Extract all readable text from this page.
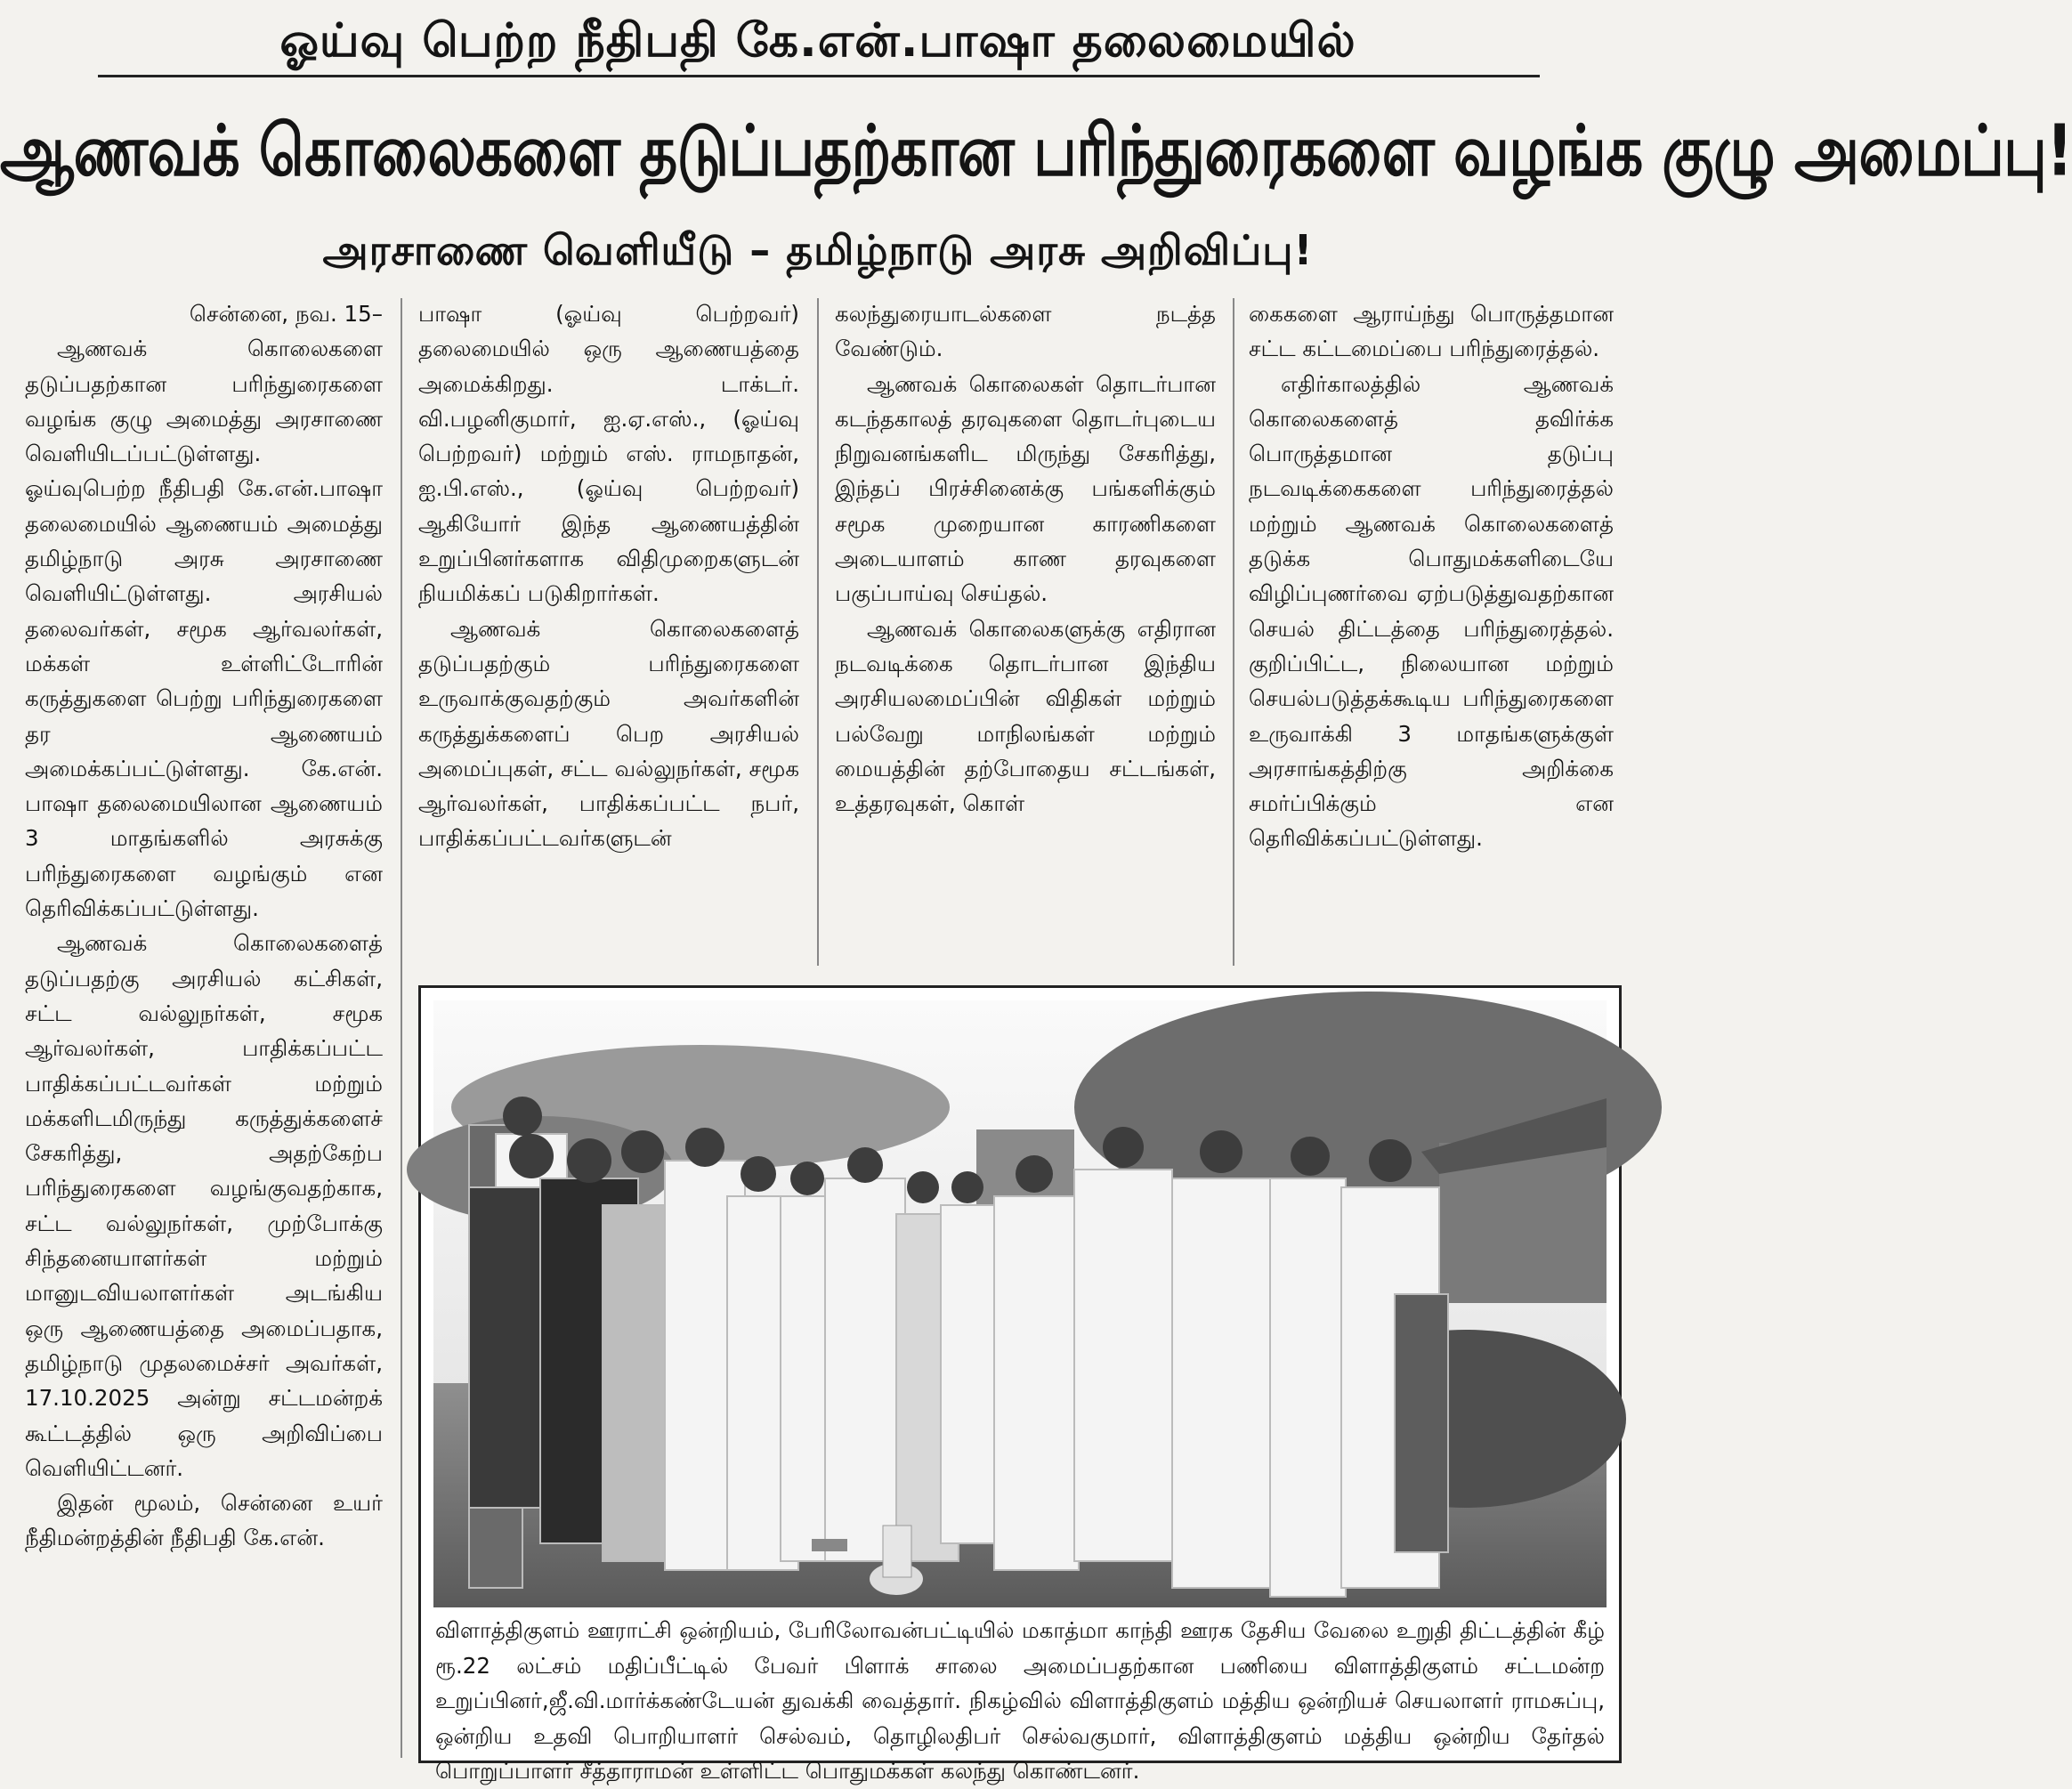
ஓய்வு பெற்ற நீதிபதி கே.என்.பாஷா தலைமையில்
ஆணவக் கொலைகளை தடுப்பதற்கான பரிந்துரைகளை வழங்க குழு அமைப்பு!
அரசாணை வெளியீடு – தமிழ்நாடு அரசு அறிவிப்பு!

சென்னை, நவ. 15–

ஆணவக் கொலைகளை தடுப்பதற்கான பரிந்துரைகளை வழங்க குழு அமைத்து அரசாணை வெளியிடப்பட்டுள்ளது. ஓய்வுபெற்ற நீதிபதி கே.என்.பாஷா தலைமையில் ஆணையம் அமைத்து தமிழ்நாடு அரசு அரசாணை வெளியிட்டுள்ளது. அரசியல் தலைவர்கள், சமூக ஆர்வலர்கள், மக்கள் உள்ளிட்டோரின் கருத்துகளை பெற்று பரிந்துரைகளை தர ஆணையம் அமைக்கப்பட்டுள்ளது. கே.என். பாஷா தலைமையிலான ஆணையம் 3 மாதங்களில் அரசுக்கு பரிந்துரைகளை வழங்கும் என தெரிவிக்கப்பட்டுள்ளது.

ஆணவக் கொலைகளைத் தடுப்பதற்கு அரசியல் கட்சிகள், சட்ட வல்லுநர்கள், சமூக ஆர்வலர்கள், பாதிக்கப்பட்ட பாதிக்கப்பட்டவர்கள் மற்றும் மக்களிடமிருந்து கருத்துக்களைச் சேகரித்து, அதற்கேற்ப பரிந்துரைகளை வழங்குவதற்காக, சட்ட வல்லுநர்கள், முற்போக்கு சிந்தனையாளர்கள் மற்றும் மானுடவியலாளர்கள் அடங்கிய ஒரு ஆணையத்தை அமைப்பதாக, தமிழ்நாடு முதலமைச்சர் அவர்கள், 17.10.2025 அன்று சட்டமன்றக் கூட்டத்தில் ஒரு அறிவிப்பை வெளியிட்டனர்.

இதன் மூலம், சென்னை உயர் நீதிமன்றத்தின் நீதிபதி கே.என்.

பாஷா (ஓய்வு பெற்றவர்) தலைமையில் ஒரு ஆணையத்தை அமைக்கிறது. டாக்டர். வி.பழனிகுமார், ஐ.ஏ.எஸ்., (ஓய்வு பெற்றவர்) மற்றும் எஸ். ராமநாதன், ஐ.பி.எஸ்., (ஓய்வு பெற்றவர்) ஆகியோர் இந்த ஆணையத்தின் உறுப்பினர்களாக விதிமுறைகளுடன் நியமிக்கப் படுகிறார்கள்.

ஆணவக் கொலைகளைத் தடுப்பதற்கும் பரிந்துரைகளை உருவாக்குவதற்கும் அவர்களின் கருத்துக்களைப் பெற அரசியல் அமைப்புகள், சட்ட வல்லுநர்கள், சமூக ஆர்வலர்கள், பாதிக்கப்பட்ட நபர், பாதிக்கப்பட்டவர்களுடன்

கலந்துரையாடல்களை நடத்த வேண்டும்.

ஆணவக் கொலைகள் தொடர்பான கடந்தகாலத் தரவுகளை தொடர்புடைய நிறுவனங்களிட மிருந்து சேகரித்து, இந்தப் பிரச்சினைக்கு பங்களிக்கும் சமூக முறையான காரணிகளை அடையாளம் காண தரவுகளை பகுப்பாய்வு செய்தல்.

ஆணவக் கொலைகளுக்கு எதிரான நடவடிக்கை தொடர்பான இந்திய அரசியலமைப்பின் விதிகள் மற்றும் பல்வேறு மாநிலங்கள் மற்றும் மையத்தின் தற்போதைய சட்டங்கள், உத்தரவுகள், கொள்

கைகளை ஆராய்ந்து பொருத்தமான சட்ட கட்டமைப்பை பரிந்துரைத்தல்.

எதிர்காலத்தில் ஆணவக் கொலைகளைத் தவிர்க்க பொருத்தமான தடுப்பு நடவடிக்கைகளை பரிந்துரைத்தல் மற்றும் ஆணவக் கொலைகளைத் தடுக்க பொதுமக்களிடையே விழிப்புணர்வை ஏற்படுத்துவதற்கான செயல் திட்டத்தை பரிந்துரைத்தல். குறிப்பிட்ட, நிலையான மற்றும் செயல்படுத்தக்கூடிய பரிந்துரைகளை உருவாக்கி 3 மாதங்களுக்குள் அரசாங்கத்திற்கு அறிக்கை சமர்ப்பிக்கும் என தெரிவிக்கப்பட்டுள்ளது.

விளாத்திகுளம் ஊராட்சி ஒன்றியம், பேரிலோவன்பட்டியில் மகாத்மா காந்தி ஊரக தேசிய வேலை உறுதி திட்டத்தின் கீழ் ரூ.22 லட்சம் மதிப்பீட்டில் பேவர் பிளாக் சாலை அமைப்பதற்கான பணியை விளாத்திகுளம் சட்டமன்ற உறுப்பினர்,ஜீ.வி.மார்க்கண்டேயன் துவக்கி வைத்தார். நிகழ்வில் விளாத்திகுளம் மத்திய ஒன்றியச் செயலாளர் ராமசுப்பு, ஒன்றிய உதவி பொறியாளர் செல்வம், தொழிலதிபர் செல்வகுமார், விளாத்திகுளம் மத்திய ஒன்றிய தேர்தல் பொறுப்பாளர் சீத்தாராமன் உள்ளிட்ட பொதுமக்கள் கலந்து கொண்டனர்.
